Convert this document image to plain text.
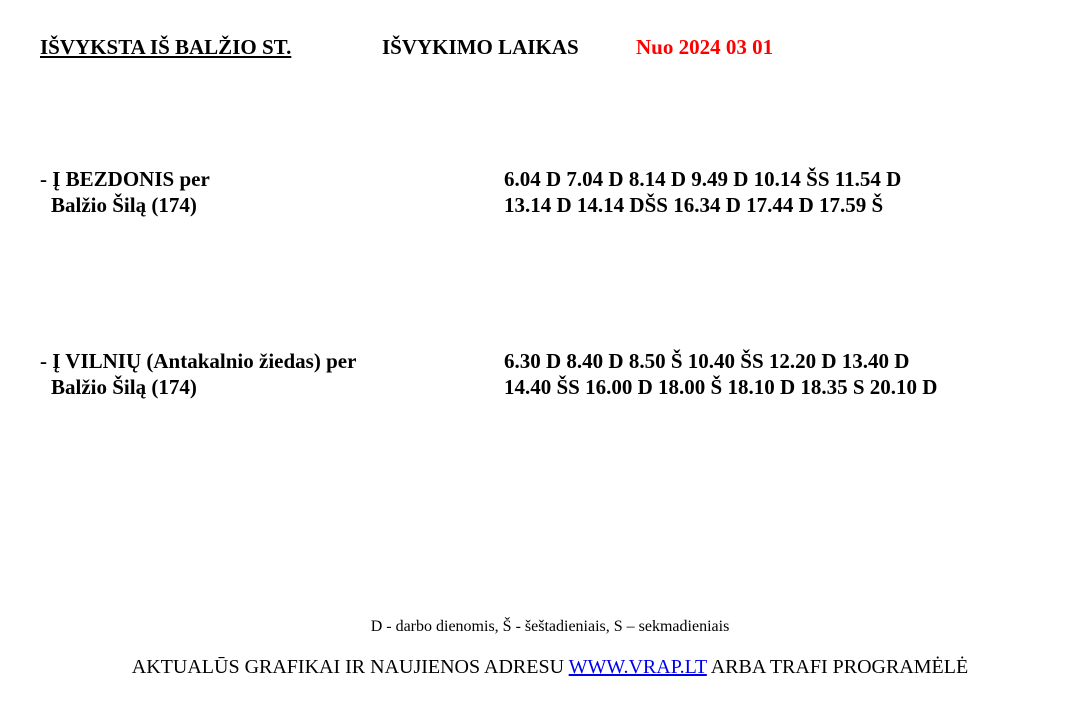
IŠVYKSTA IŠ BALŽIO ST.	IŠVYKIMO LAIKAS	Nuo 2024 03 01
- Į BEZDONIS per
Balžio Šilą (174)
6.04 D 7.04 D 8.14 D 9.49 D 10.14 ŠS 11.54 D
13.14 D 14.14 DŠS 16.34 D 17.44 D 17.59 Š
- Į VILNIŲ (Antakalnio žiedas) per
Balžio Šilą (174)
6.30 D 8.40 D 8.50 Š 10.40 ŠS 12.20 D 13.40 D
14.40 ŠS 16.00 D 18.00 Š 18.10 D 18.35 S 20.10 D
D - darbo dienomis, Š - šeštadieniais, S – sekmadieniais
AKTUALŪS GRAFIKAI IR NAUJIENOS ADRESU WWW.VRAP.LT ARBA TRAFI PROGRAMĖLĖ
